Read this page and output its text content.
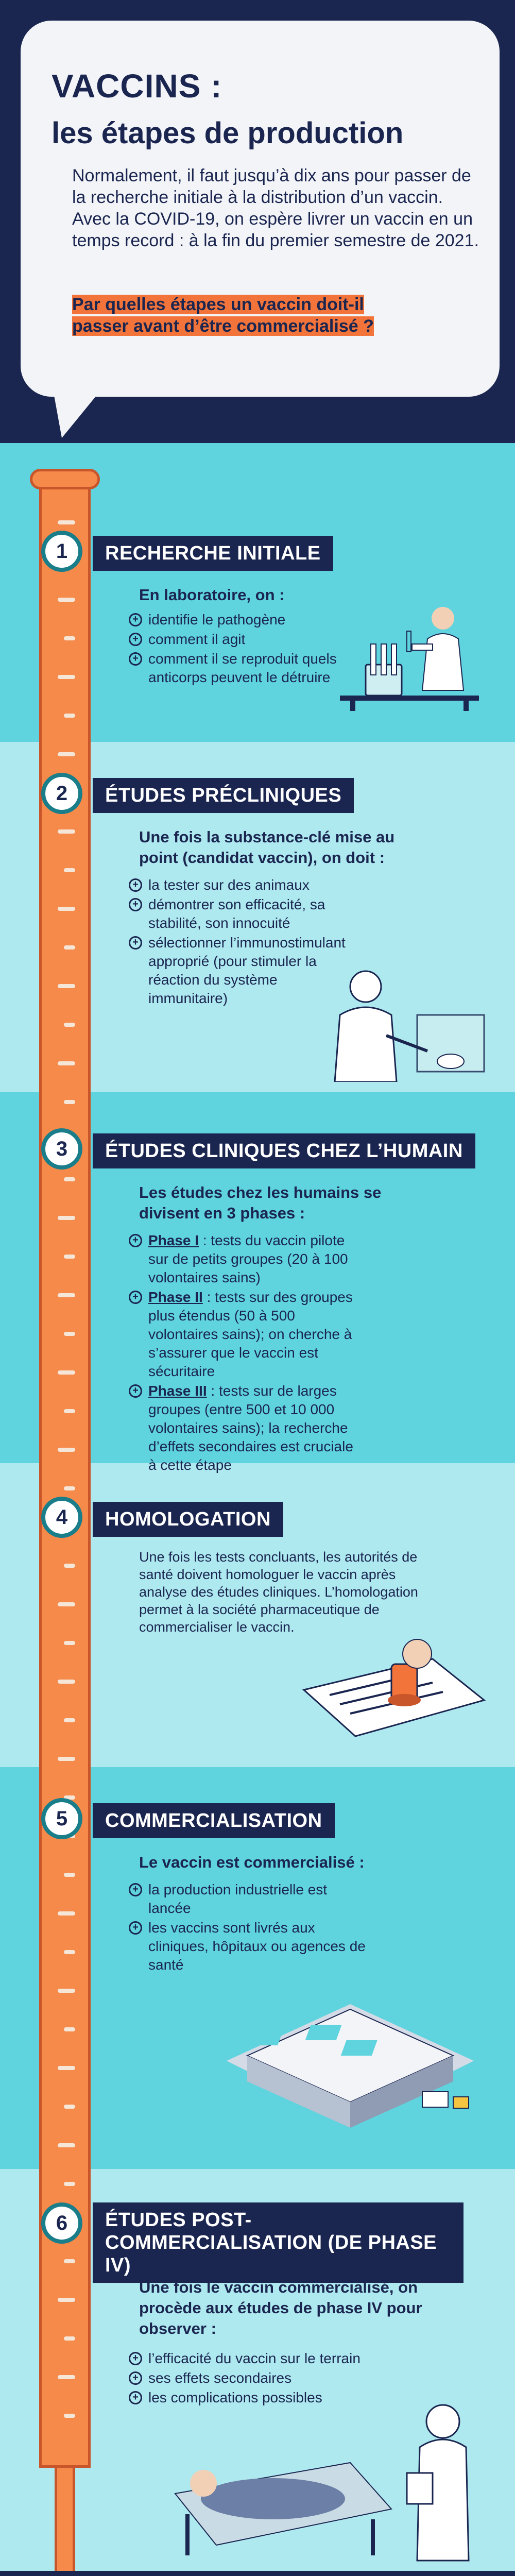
VACCINS :
les étapes de production
Normalement, il faut jusqu’à dix ans pour passer de la recherche initiale à la distribution d’un vaccin. Avec la COVID-19, on espère livrer un vaccin en un temps record : à la fin du premier semestre de 2021.
Par quelles étapes un vaccin doit-il passer avant d’être commercialisé ?
1	RECHERCHE INITIALE
En laboratoire, on :
+ identifie le pathogène
+ comment il agit
+ comment il se reproduit quels anticorps peuvent le détruire
2	ÉTUDES PRÉCLINIQUES
Une fois la substance-clé mise au point (candidat vaccin), on doit :
+ la tester sur des animaux
+ démontrer son efficacité, sa stabilité, son innocuité
+ sélectionner l’immunostimulant approprié (pour stimuler la réaction du système immunitaire)
3	ÉTUDES CLINIQUES CHEZ L’HUMAIN
Les études chez les humains se divisent en 3 phases :
+ Phase I : tests du vaccin pilote sur de petits groupes (20 à 100 volontaires sains)
+ Phase II : tests sur des groupes plus étendus (50 à 500 volontaires sains); on cherche à s’assurer que le vaccin est sécuritaire
+ Phase III : tests sur de larges groupes (entre 500 et 10 000 volontaires sains); la recherche d’effets secondaires est cruciale à cette étape
4	HOMOLOGATION
Une fois les tests concluants, les autorités de santé doivent homologuer le vaccin après analyse des études cliniques. L’homologation permet à la société pharmaceutique de commercialiser le vaccin.
5	COMMERCIALISATION
Le vaccin est commercialisé :
+ la production industrielle est lancée
+ les vaccins sont livrés aux cliniques, hôpitaux ou agences de santé
6	ÉTUDES POST-COMMERCIALISATION (DE PHASE IV)
Une fois le vaccin commercialisé, on procède aux études de phase IV pour observer :
+ l’efficacité du vaccin sur le terrain
+ ses effets secondaires
+ les complications possibles
